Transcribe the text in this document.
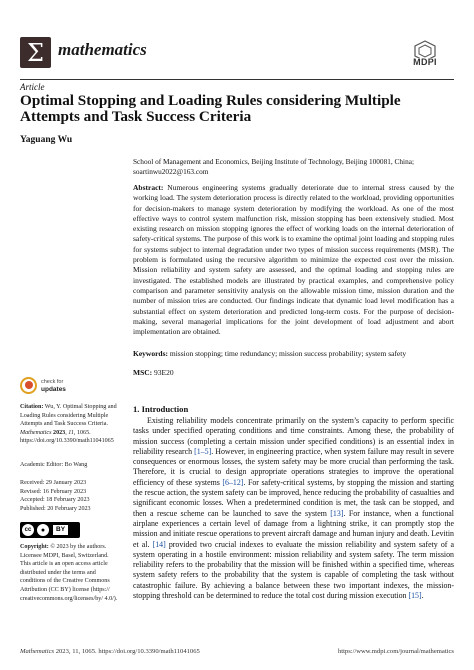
Σ mathematics
MDPI
Article
Optimal Stopping and Loading Rules considering Multiple Attempts and Task Success Criteria
Yaguang Wu
School of Management and Economics, Beijing Institute of Technology, Beijing 100081, China;
soartinwu2022@163.com
Abstract: Numerous engineering systems gradually deteriorate due to internal stress caused by the working load. The system deterioration process is directly related to the workload, providing opportunities for decision-makers to manage system deterioration by modifying the workload. As one of the most effective ways to control system malfunction risk, mission stopping has been extensively studied. Most existing research on mission stopping ignores the effect of working loads on the internal deterioration of safety-critical systems. The purpose of this work is to examine the optimal joint loading and stopping rules for systems subject to internal degradation under two types of mission success requirements (MSR). The problem is formulated using the recursive algorithm to minimize the expected cost over the mission. Mission reliability and system safety are assessed, and the optimal loading and stopping rules are investigated. The established models are illustrated by practical examples, and comprehensive policy comparison and parameter sensitivity analysis on the allowable mission time, mission duration and the number of mission tries are conducted. Our findings indicate that dynamic load level modification has a substantial effect on system deterioration and predicted long-term costs. For the purpose of decision-making, several managerial implications for the joint development of load adjustment and abort implementation are obtained.
Keywords: mission stopping; time redundancy; mission success probability; system safety
MSC: 93E20
1. Introduction

Existing reliability models concentrate primarily on the system’s capacity to perform specific tasks under specified operating conditions and time constraints. Among these, the probability of mission success (completing a certain mission under specified conditions) is an essential index in reliability research [1–5]. However, in engineering practice, when system failure may result in severe consequences or enormous losses, the system safety may be more crucial than performing the task. Therefore, it is crucial to design appropriate operations strategies to improve the operational efficiency of these systems [6–12]. For safety-critical systems, by stopping the mission and starting the rescue action, the system safety can be improved, hence reducing the probability of casualties and significant economic losses. When a predetermined condition is met, the task can be stopped, and then a rescue scheme can be launched to save the system [13]. For instance, when a functional airplane experiences a certain level of damage from a lightning strike, it can promptly stop the mission and initiate rescue operations to prevent aircraft damage and human injury and death. Levitin et al. [14] provided two crucial indexes to evaluate the mission reliability and system safety of a system operating in a hostile environment: mission reliability and system safety. The term mission reliability refers to the probability that the mission will be finished within a specified time, whereas system safety refers to the probability that the system is capable of completing the task without catastrophic failure. By achieving a balance between these two important indexes, the mission-stopping threshold can be determined to reduce the total cost during mission execution [15].

check for
updates
Citation: Wu, Y. Optimal Stopping and Loading Rules considering Multiple Attempts and Task Success Criteria. Mathematics 2023, 11, 1065. https://doi.org/10.3390/math11041065
Academic Editor: Bo Wang
Received: 29 January 2023
Revised: 16 February 2023
Accepted: 18 February 2023
Published: 20 February 2023
cc	●	BY
Copyright: © 2023 by the authors. Licensee MDPI, Basel, Switzerland. This article is an open access article distributed under the terms and conditions of the Creative Commons Attribution (CC BY) license (https:// creativecommons.org/licenses/by/ 4.0/).
Mathematics 2023, 11, 1065. https://doi.org/10.3390/math11041065	https://www.mdpi.com/journal/mathematics
